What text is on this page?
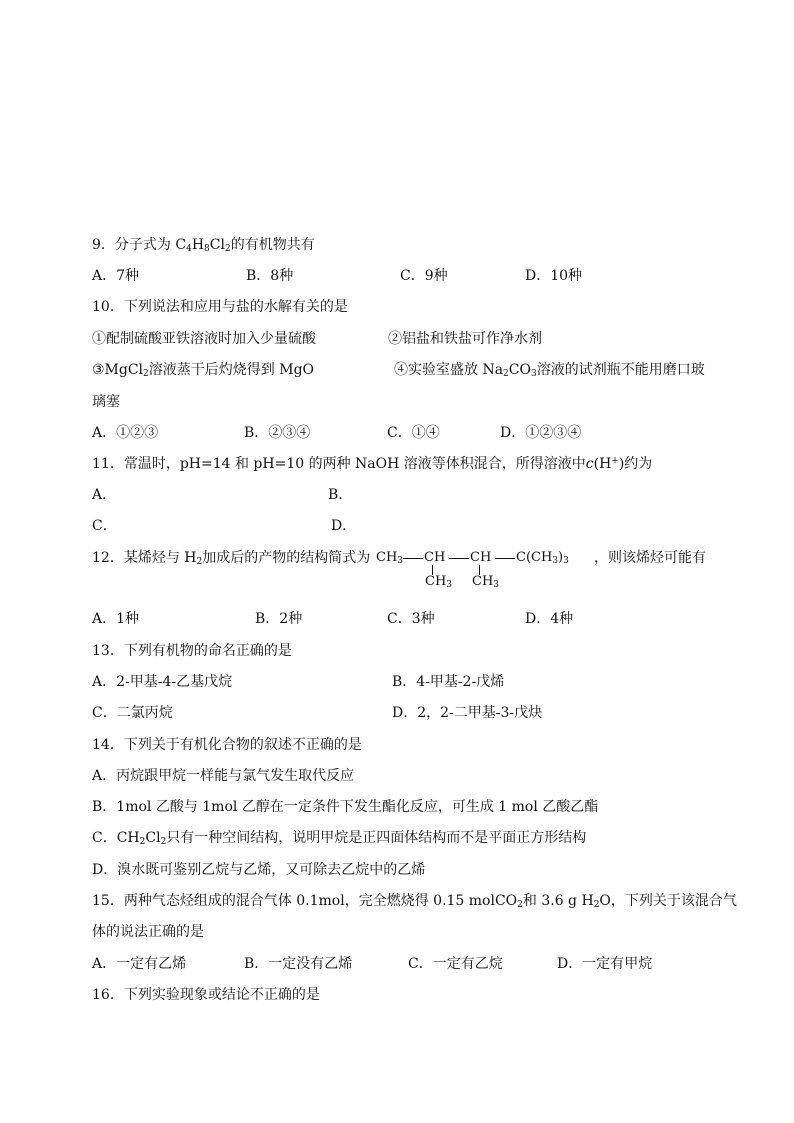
9．分子式为 $C_4H_8Cl_2$的有机物共有
A．7种	B．8种	C．9种	D．10种
10．下列说法和应用与盐的水解有关的是
①配制硫酸亚铁溶液时加入少量硫酸	②铝盐和铁盐可作净水剂
③MgCl$_2$溶液蒸干后灼烧得到 MgO	④实验室盛放 $Na_2CO_3$溶液的试剂瓶不能用磨口玻
璃塞
A．①②③	B．②③④	C．①④	D．①②③④
11．常温时，pH=14 和 pH=10 的两种 NaOH 溶液等体积混合，所得溶液中c(H+)约为
A．	B．
C．	D．
12．某烯烃与 $H_2$加成后的产物的结构简式为	，则该烯烃可能有
$CH_3$ CH CH $C(CH_3)_3$
$CH_3$ $CH_3$
A．1种	B．2种	C．3种	D．4种
13．下列有机物的命名正确的是
A．2-甲基-4-乙基戊烷	B．4-甲基-2-戊烯
C．二氯丙烷	D．2，2-二甲基-3-戊炔
14．下列关于有机化合物的叙述不正确的是
A．丙烷跟甲烷一样能与氯气发生取代反应
B．1mol 乙酸与 1mol 乙醇在一定条件下发生酯化反应，可生成 1 mol 乙酸乙酯
C．$CH_2Cl_2$只有一种空间结构，说明甲烷是正四面体结构而不是平面正方形结构
D．溴水既可鉴别乙烷与乙烯，又可除去乙烷中的乙烯
15．两种气态烃组成的混合气体 0.1mol，完全燃烧得 0.15 molCO$_2$和 3.6 g $H_2O$，下列关于该混合气
体的说法正确的是
A．一定有乙烯	B．一定没有乙烯	C．一定有乙烷	D．一定有甲烷
16．下列实验现象或结论不正确的是
